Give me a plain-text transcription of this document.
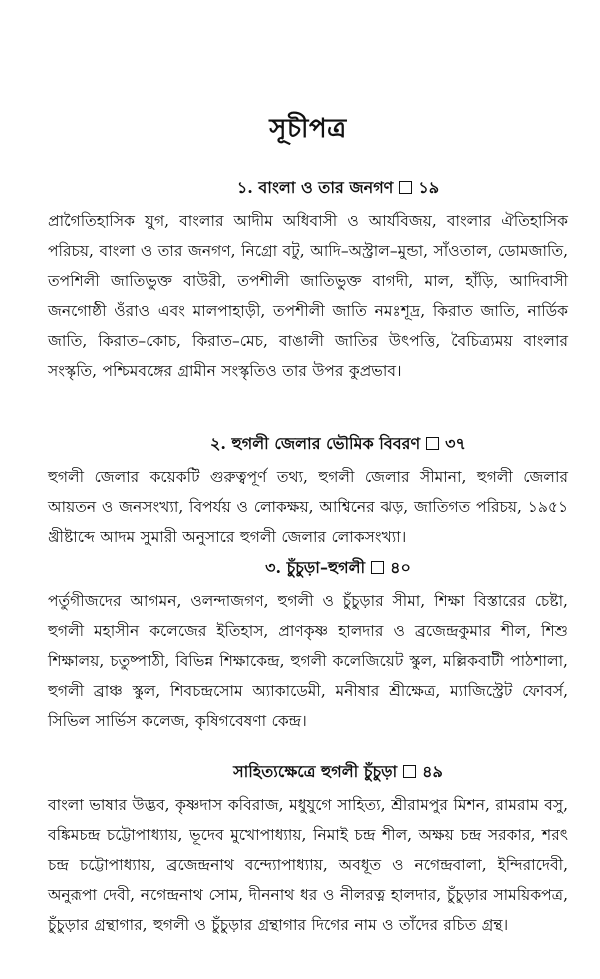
সূচীপত্র
১. বাংলা ও তার জনগণ ১৯
প্রাগৈতিহাসিক যুগ, বাংলার আদীম অধিবাসী ও আর্যবিজয়, বাংলার ঐতিহাসিক পরিচয়, বাংলা ও তার জনগণ, নিগ্রো বটু, আদি–অস্ট্রাল–মুন্ডা, সাঁওতাল, ডোমজাতি, তপশিলী জাতিভুক্ত বাউরী, তপশীলী জাতিভুক্ত বাগদী, মাল, হাঁড়ি, আদিবাসী জনগোষ্ঠী ওঁরাও এবং মালপাহাড়ী, তপশীলী জাতি নমঃশূদ্র, কিরাত জাতি, নার্ডিক জাতি, কিরাত–কোচ, কিরাত–মেচ, বাঙালী জাতির উৎপত্তি, বৈচিত্র্যময় বাংলার সংস্কৃতি, পশ্চিমবঙ্গের গ্রামীন সংস্কৃতিও তার উপর কুপ্রভাব।
২. হুগলী জেলার ভৌমিক বিবরণ ৩৭
হুগলী জেলার কয়েকটি গুরুত্বপূর্ণ তথ্য, হুগলী জেলার সীমানা, হুগলী জেলার আয়তন ও জনসংখ্যা, বিপর্যয় ও লোকক্ষয়, আশ্বিনের ঝড়, জাতিগত পরিচয়, ১৯৫১ খ্রীষ্টাব্দে আদম সুমারী অনুসারে হুগলী জেলার লোকসংখ্যা।
৩. চুঁচুড়া–হুগলী ৪০
পর্তুগীজদের আগমন, ওলন্দাজগণ, হুগলী ও চুঁচুড়ার সীমা, শিক্ষা বিস্তারের চেষ্টা, হুগলী মহাসীন কলেজের ইতিহাস, প্রাণকৃষ্ণ হালদার ও ব্রজেন্দ্রকুমার শীল, শিশু শিক্ষালয়, চতুষ্পাঠী, বিভিন্ন শিক্ষাকেন্দ্র, হুগলী কলেজিয়েট স্কুল, মল্লিকবাটী পাঠশালা, হুগলী ব্রাঞ্চ স্কুল, শিবচন্দ্রসোম অ্যাকাডেমী, মনীষার শ্রীক্ষেত্র, ম্যাজিস্ট্রেট ফোবর্স, সিভিল সার্ভিস কলেজ, কৃষিগবেষণা কেন্দ্র।
সাহিত্যক্ষেত্রে হুগলী চুঁচুড়া ৪৯
বাংলা ভাষার উদ্ভব, কৃষ্ণদাস কবিরাজ, মধুযুগে সাহিত্য, শ্রীরামপুর মিশন, রামরাম বসু, বঙ্কিমচন্দ্র চট্টোপাধ্যায়, ভূদেব মুখোপাধ্যায়, নিমাই চন্দ্র শীল, অক্ষয় চন্দ্র সরকার, শরৎ চন্দ্র চট্টোপাধ্যায়, ব্রজেন্দ্রনাথ বন্দ্যোপাধ্যায়, অবধূত ও নগেন্দ্রবালা, ইন্দিরাদেবী, অনুরূপা দেবী, নগেন্দ্রনাথ সোম, দীননাথ ধর ও নীলরত্ন হালদার, চুঁচুড়ার সাময়িকপত্র, চুঁচুড়ার গ্রন্থাগার, হুগলী ও চুঁচুড়ার গ্রন্থাগার দিগের নাম ও তাঁদের রচিত গ্রন্থ।
